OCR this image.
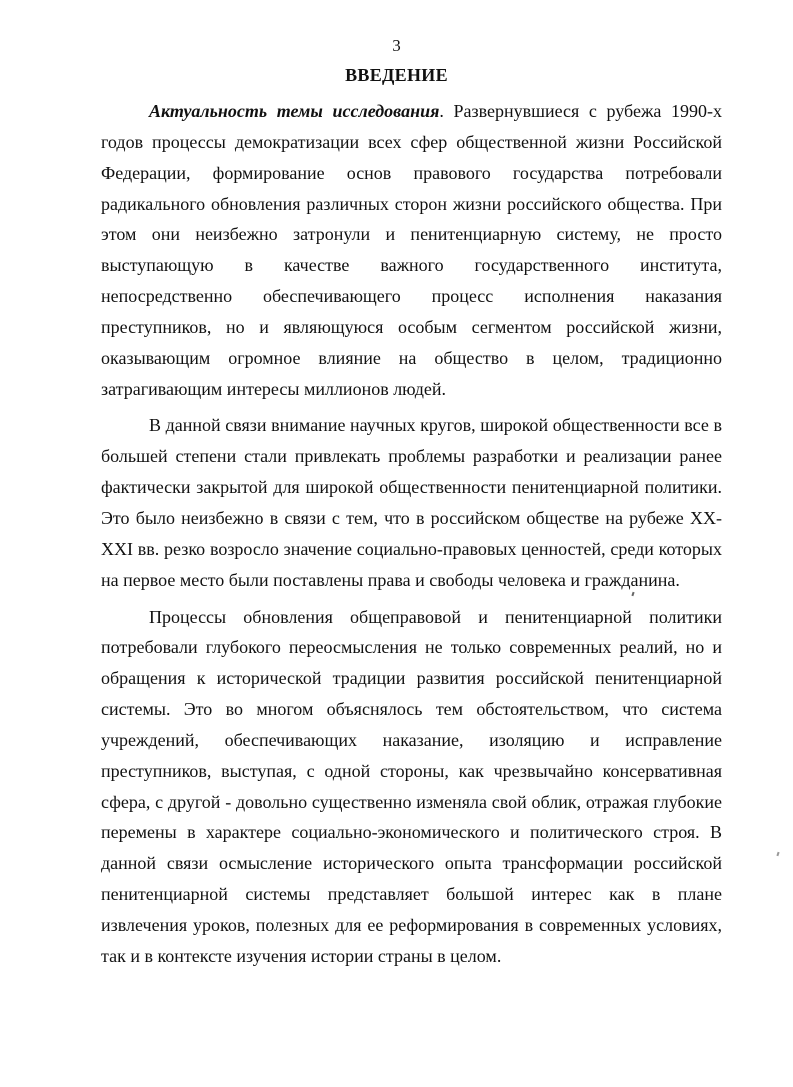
3
ВВЕДЕНИЕ

Актуальность темы исследования. Развернувшиеся с рубежа 1990-х годов процессы демократизации всех сфер общественной жизни Российской Федерации, формирование основ правового государства потребовали радикального обновления различных сторон жизни российского общества. При этом они неизбежно затронули и пенитенциарную систему, не просто выступающую в качестве важного государственного института, непосредственно обеспечивающего процесс исполнения наказания преступников, но и являющуюся особым сегментом российской жизни, оказывающим огромное влияние на общество в целом, традиционно затрагивающим интересы миллионов людей.

В данной связи внимание научных кругов, широкой общественности все в большей степени стали привлекать проблемы разработки и реализации ранее фактически закрытой для широкой общественности пенитенциарной политики. Это было неизбежно в связи с тем, что в российском обществе на рубеже XX-XXI вв. резко возросло значение социально-правовых ценностей, среди которых на первое место были поставлены права и свободы человека и гражданина.

Процессы обновления общеправовой и пенитенциарной политики потребовали глубокого переосмысления не только современных реалий, но и обращения к исторической традиции развития российской пенитенциарной системы. Это во многом объяснялось тем обстоятельством, что система учреждений, обеспечивающих наказание, изоляцию и исправление преступников, выступая, с одной стороны, как чрезвычайно консервативная сфера, с другой - довольно существенно изменяла свой облик, отражая глубокие перемены в характере социально-экономического и политического строя. В данной связи осмысление исторического опыта трансформации российской пенитенциарной системы представляет большой интерес как в плане извлечения уроков, полезных для ее реформирования в современных условиях, так и в контексте изучения истории страны в целом.
